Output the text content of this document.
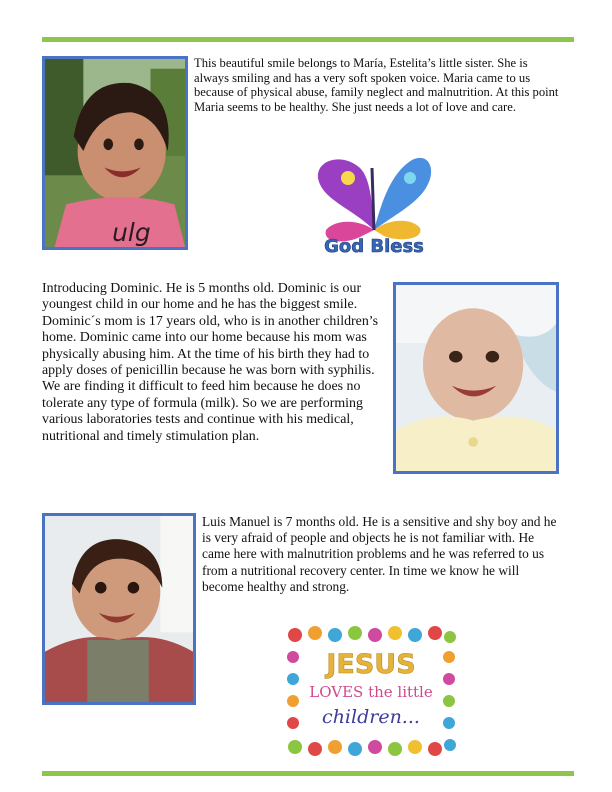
ulg

This beautiful smile belongs to María, Estelita’s little sister. She is always smiling and has a very soft spoken voice. Maria came to us because of physical abuse, family neglect and malnutrition. At this point Maria seems to be healthy. She just needs a lot of love and care.

God Bless

Introducing Dominic. He is 5 months old. Dominic is our youngest child in our home and he has the biggest smile. Dominic´s mom is 17 years old, who is in another children’s home. Dominic came into our home because his mom was physically abusing him. At the time of his birth they had to apply doses of penicillin because he was born with syphilis. We are finding it difficult to feed him because he does no tolerate any type of formula (milk). So we are performing various laboratories tests and continue with his medical, nutritional and timely stimulation plan.

Luis Manuel is 7 months old. He is a sensitive and shy boy and he is very afraid of people and objects he is not familiar with. He came here with malnutrition problems and he was referred to us from a nutritional recovery center. In time we know he will become healthy and strong.

JESUS
LOVES the little
children...
